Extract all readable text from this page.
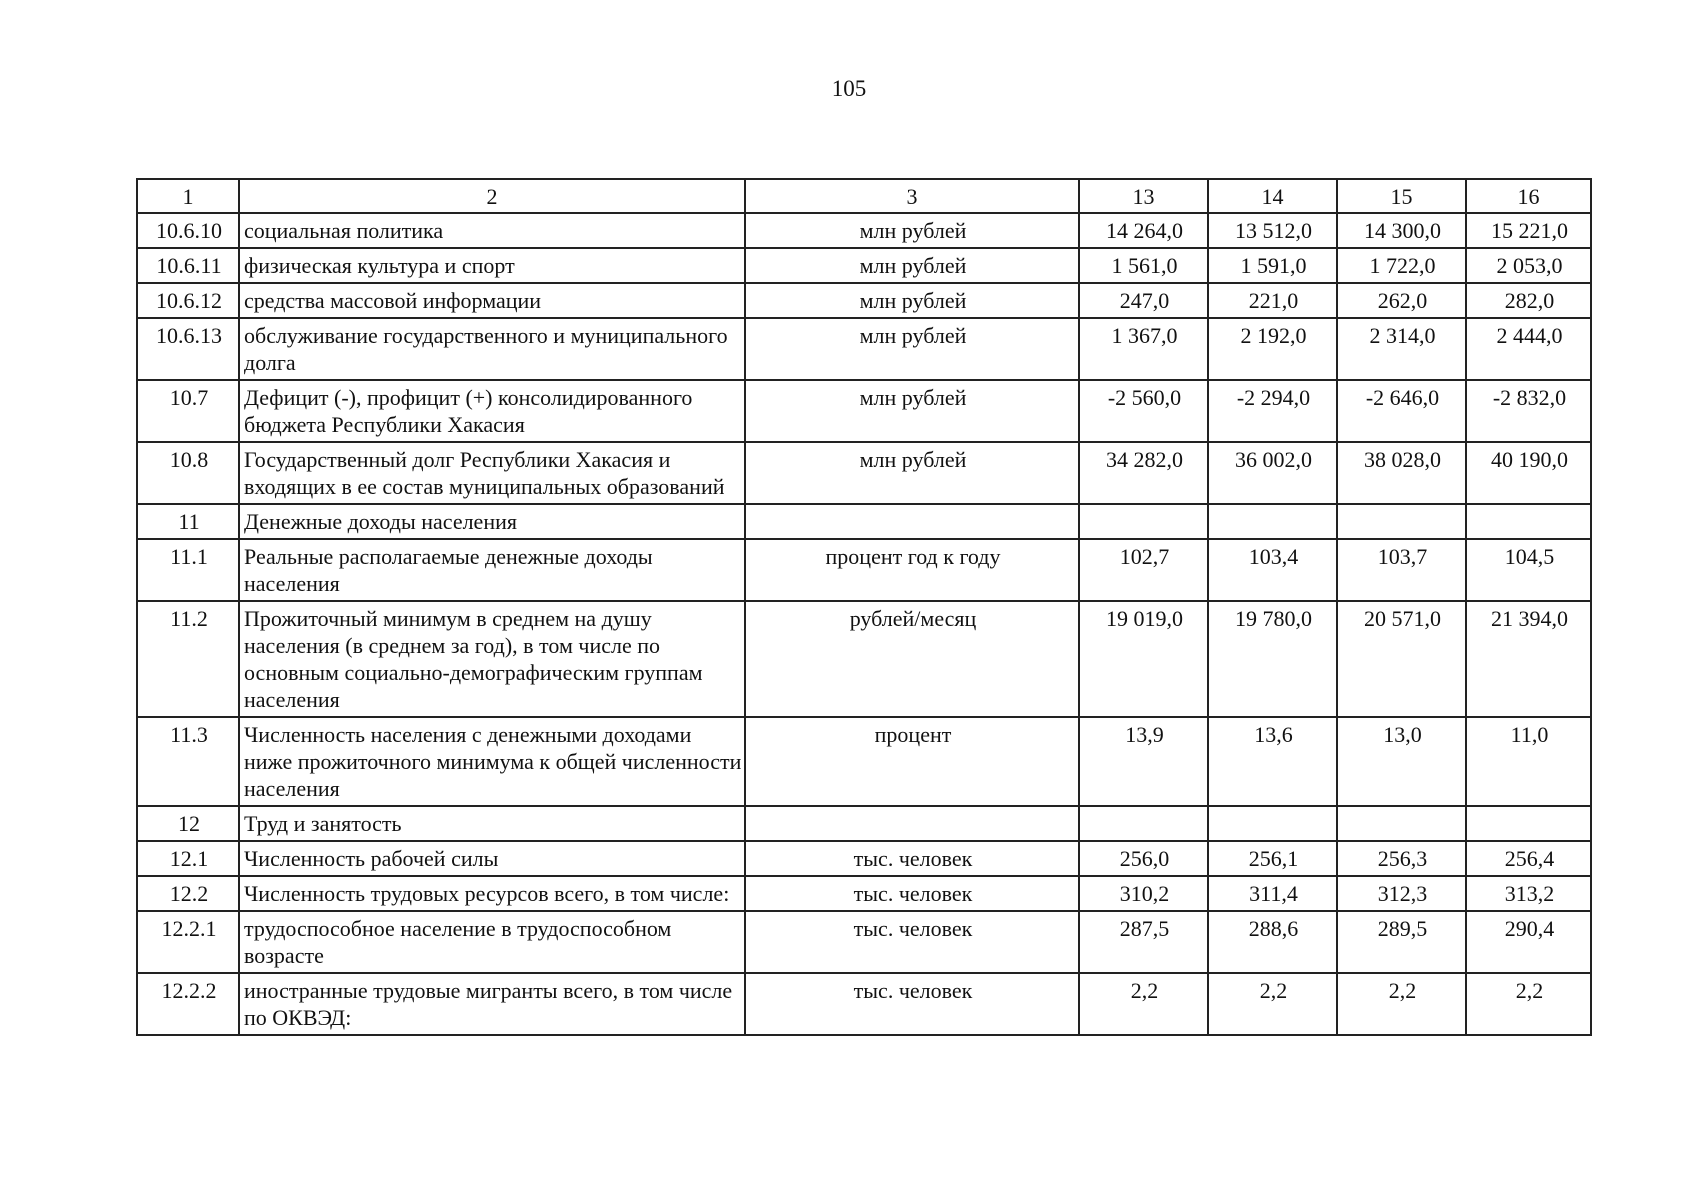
105
1	2	3	13	14	15	16
10.6.10	социальная политика	млн рублей	14 264,0	13 512,0	14 300,0	15 221,0
10.6.11	физическая культура и спорт	млн рублей	1 561,0	1 591,0	1 722,0	2 053,0
10.6.12	средства массовой информации	млн рублей	247,0	221,0	262,0	282,0
10.6.13	обслуживание государственного и муниципального долга	млн рублей	1 367,0	2 192,0	2 314,0	2 444,0
10.7	Дефицит (-), профицит (+) консолидированного бюджета Республики Хакасия	млн рублей	-2 560,0	-2 294,0	-2 646,0	-2 832,0
10.8	Государственный долг Республики Хакасия и входящих в ее состав муниципальных образований	млн рублей	34 282,0	36 002,0	38 028,0	40 190,0
11	Денежные доходы населения					
11.1	Реальные располагаемые денежные доходы населения	процент год к году	102,7	103,4	103,7	104,5
11.2	Прожиточный минимум в среднем на душу населения (в среднем за год), в том числе по основным социально-демографическим группам населения	рублей/месяц	19 019,0	19 780,0	20 571,0	21 394,0
11.3	Численность населения с денежными доходами ниже прожиточного минимума к общей численности населения	процент	13,9	13,6	13,0	11,0
12	Труд и занятость					
12.1	Численность рабочей силы	тыс. человек	256,0	256,1	256,3	256,4
12.2	Численность трудовых ресурсов всего, в том числе:	тыс. человек	310,2	311,4	312,3	313,2
12.2.1	трудоспособное население в трудоспособном возрасте	тыс. человек	287,5	288,6	289,5	290,4
12.2.2	иностранные трудовые мигранты всего, в том числе по ОКВЭД:	тыс. человек	2,2	2,2	2,2	2,2
